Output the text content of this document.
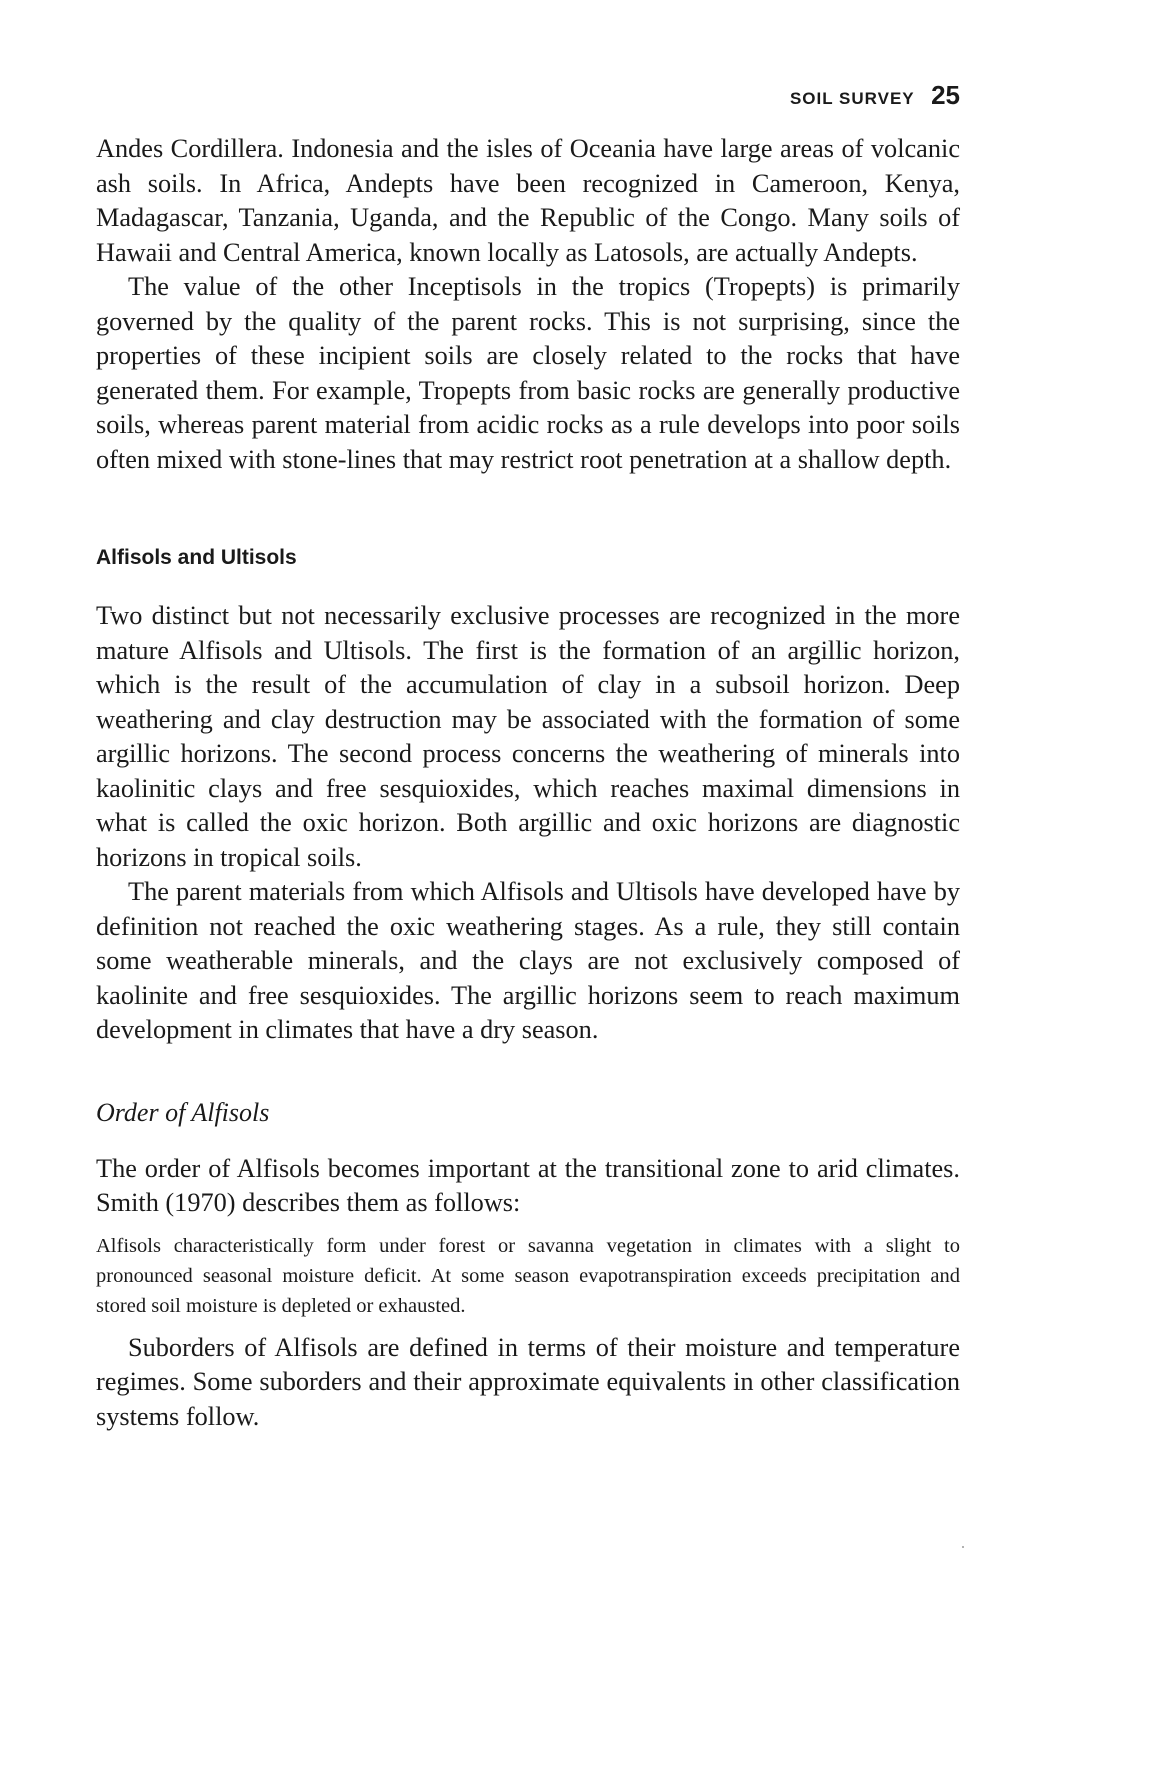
SOIL SURVEY 25

Andes Cordillera. Indonesia and the isles of Oceania have large areas of volcanic ash soils. In Africa, Andepts have been recognized in Cameroon, Kenya, Madagascar, Tanzania, Uganda, and the Republic of the Congo. Many soils of Hawaii and Central America, known locally as Latosols, are actually Andepts.

The value of the other Inceptisols in the tropics (Tropepts) is primarily governed by the quality of the parent rocks. This is not surprising, since the properties of these incipient soils are closely related to the rocks that have generated them. For example, Tropepts from basic rocks are generally productive soils, whereas parent material from acidic rocks as a rule develops into poor soils often mixed with stone-lines that may restrict root penetration at a shallow depth.

Alfisols and Ultisols

Two distinct but not necessarily exclusive processes are recognized in the more mature Alfisols and Ultisols. The first is the formation of an argillic horizon, which is the result of the accumulation of clay in a subsoil horizon. Deep weathering and clay destruction may be associated with the formation of some argillic horizons. The second process concerns the weathering of minerals into kaolinitic clays and free sesquioxides, which reaches maximal dimensions in what is called the oxic horizon. Both argillic and oxic horizons are diagnostic horizons in tropical soils.

The parent materials from which Alfisols and Ultisols have developed have by definition not reached the oxic weathering stages. As a rule, they still contain some weatherable minerals, and the clays are not exclusively composed of kaolinite and free sesquioxides. The argillic horizons seem to reach maximum development in climates that have a dry season.

Order of Alfisols

The order of Alfisols becomes important at the transitional zone to arid climates. Smith (1970) describes them as follows:

Alfisols characteristically form under forest or savanna vegetation in climates with a slight to pronounced seasonal moisture deficit. At some season evapotranspiration exceeds precipitation and stored soil moisture is depleted or exhausted.

Suborders of Alfisols are defined in terms of their moisture and temperature regimes. Some suborders and their approximate equivalents in other classification systems follow.
